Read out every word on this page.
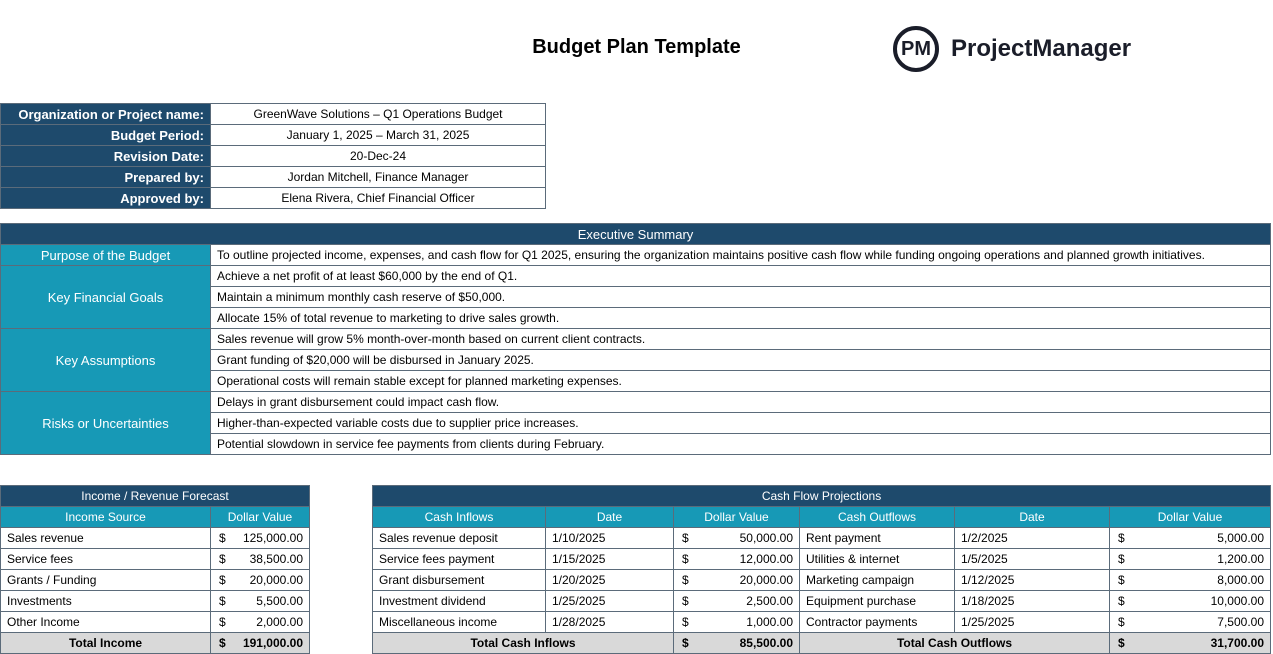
Budget Plan Template	PM ProjectManager
Organization or Project name:	GreenWave Solutions – Q1 Operations Budget
Budget Period:	January 1, 2025 – March 31, 2025
Revision Date:	20-Dec-24
Prepared by:	Jordan Mitchell, Finance Manager
Approved by:	Elena Rivera, Chief Financial Officer
Executive Summary	
Purpose of the Budget	To outline projected income, expenses, and cash flow for Q1 2025, ensuring the organization maintains positive cash flow while funding ongoing operations and planned growth initiatives.
Key Financial Goals	Achieve a net profit of at least $60,000 by the end of Q1.
	Maintain a minimum monthly cash reserve of $50,000.
	Allocate 15% of total revenue to marketing to drive sales growth.
Key Assumptions	Sales revenue will grow 5% month-over-month based on current client contracts.
	Grant funding of $20,000 will be disbursed in January 2025.
	Operational costs will remain stable except for planned marketing expenses.
Risks or Uncertainties	Delays in grant disbursement could impact cash flow.
	Higher-than-expected variable costs due to supplier price increases.
	Potential slowdown in service fee payments from clients during February.
Income / Revenue Forecast	
Income Source	Dollar Value
Sales revenue	$ 125,000.00

Service fees	$ 38,500.00

Grants / Funding	$ 20,000.00

Investments	$ 5,500.00

Other Income	$ 2,000.00

Total Income	$ 191,000.00
Cash Flow Projections					
Cash Inflows	Date	Dollar Value	Cash Outflows	Date	Dollar Value
Sales revenue deposit	1/10/2025	$ 50,000.00	Rent payment	1/2/2025	$ 5,000.00

Service fees payment	1/15/2025	$ 12,000.00	Utilities & internet	1/5/2025	$ 1,200.00

Grant disbursement	1/20/2025	$ 20,000.00	Marketing campaign	1/12/2025	$ 8,000.00

Investment dividend	1/25/2025	$ 2,500.00	Equipment purchase	1/18/2025	$ 10,000.00

Miscellaneous income	1/28/2025	$ 1,000.00	Contractor payments	1/25/2025	$ 7,500.00

Total Cash Inflows		$ 85,500.00	Total Cash Outflows		$ 31,700.00
